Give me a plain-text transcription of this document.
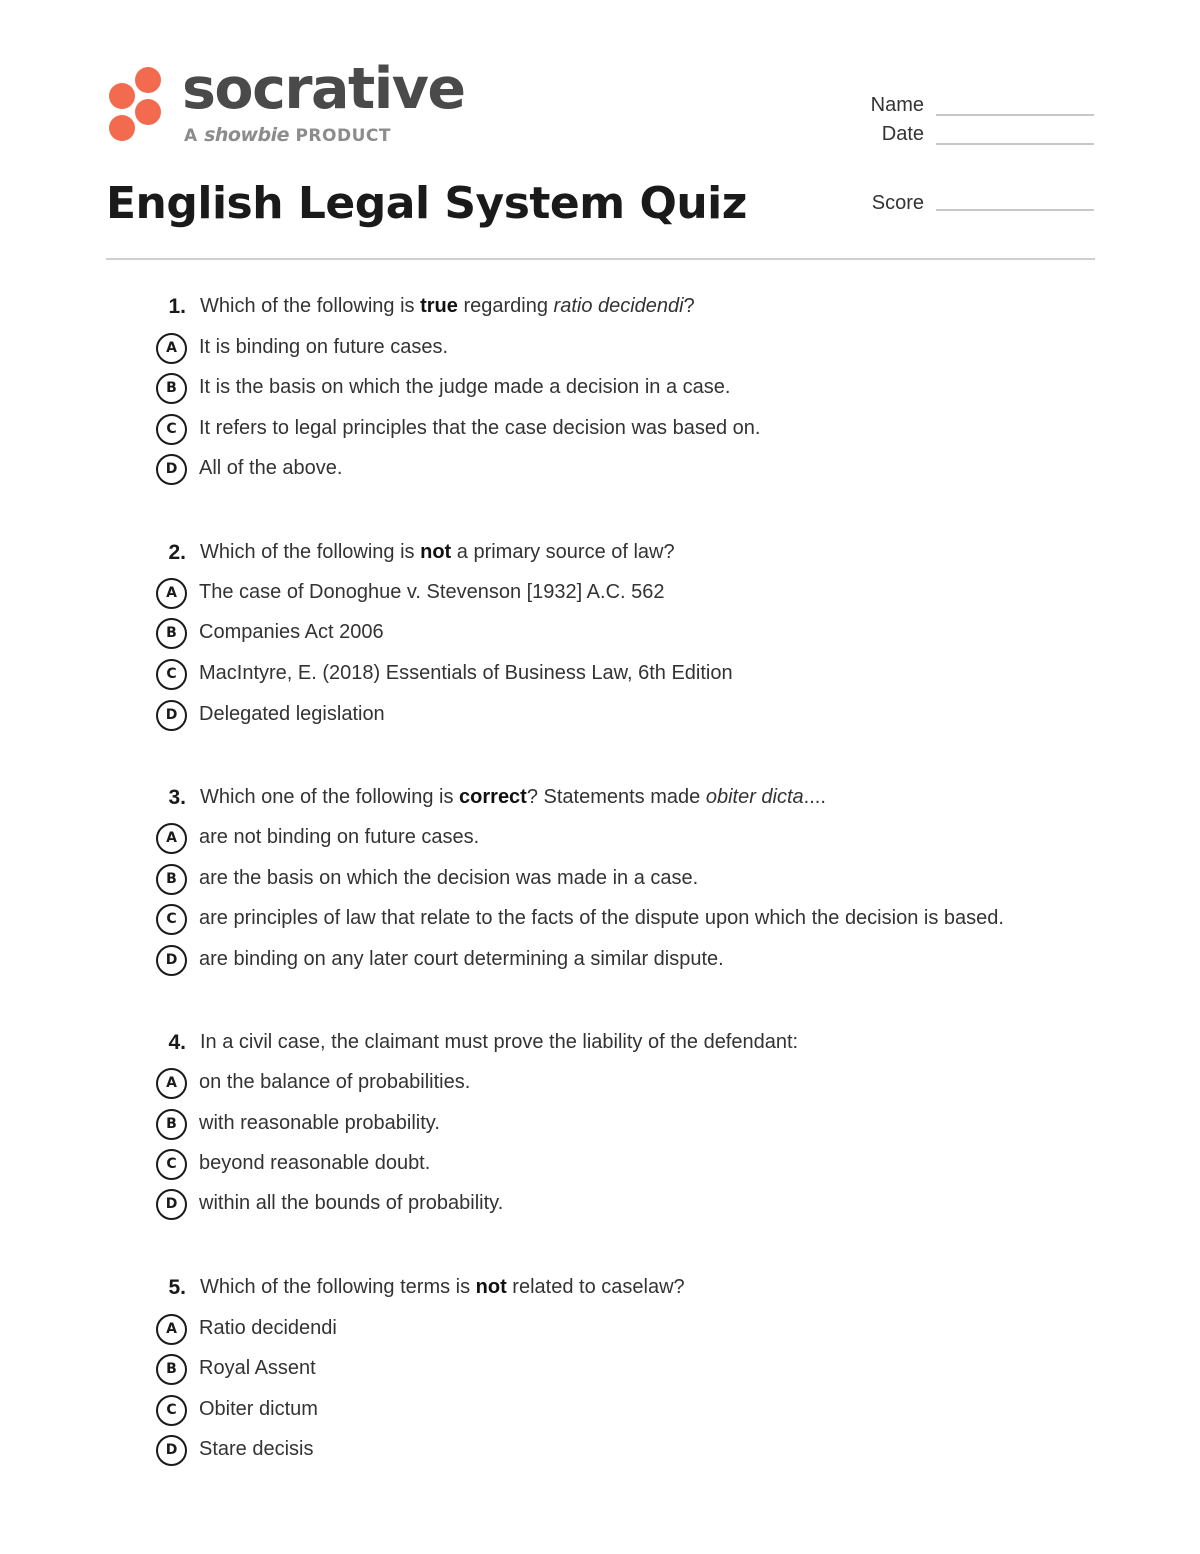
socrative
A showbie PRODUCT
Name
Date
Score
English Legal System Quiz
1. Which of the following is true regarding ratio decidendi?
A	It is binding on future cases.
B	It is the basis on which the judge made a decision in a case.
C	It refers to legal principles that the case decision was based on.
D	All of the above.
2. Which of the following is not a primary source of law?
A	The case of Donoghue v. Stevenson [1932] A.C. 562
B	Companies Act 2006
C	MacIntyre, E. (2018) Essentials of Business Law, 6th Edition
D	Delegated legislation
3. Which one of the following is correct? Statements made obiter dicta....
A	are not binding on future cases.
B	are the basis on which the decision was made in a case.
C	are principles of law that relate to the facts of the dispute upon which the decision is based.
D	are binding on any later court determining a similar dispute.
4. In a civil case, the claimant must prove the liability of the defendant:
A	on the balance of probabilities.
B	with reasonable probability.
C	beyond reasonable doubt.
D	within all the bounds of probability.
5. Which of the following terms is not related to caselaw?
A	Ratio decidendi
B	Royal Assent
C	Obiter dictum
D	Stare decisis
